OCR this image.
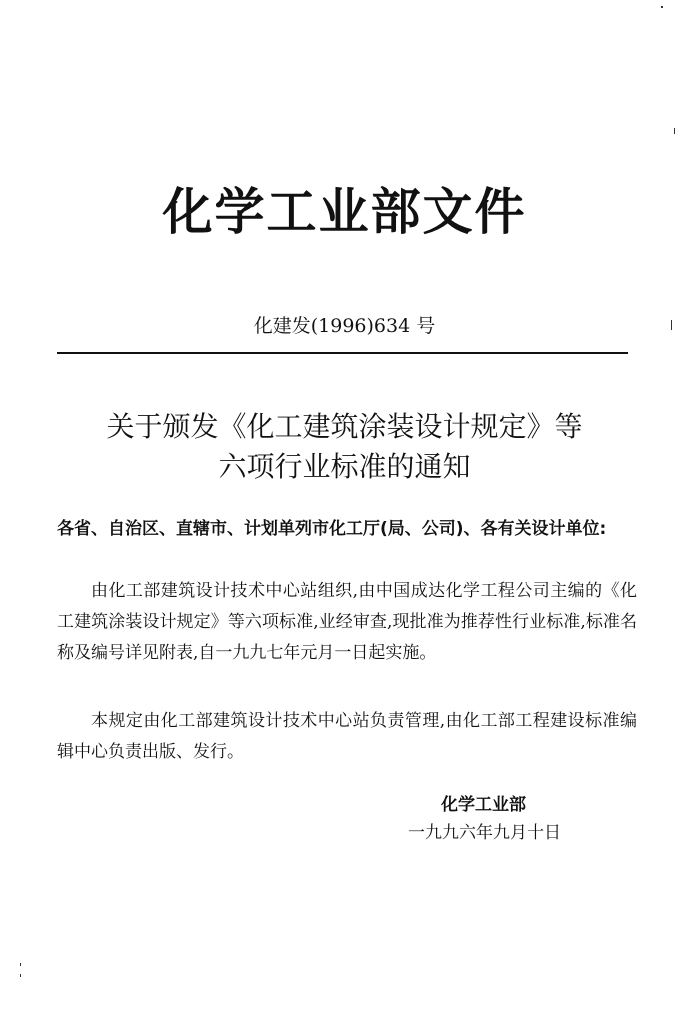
化学工业部文件
化建发(1996)634 号
关于颁发《化工建筑涂装设计规定》等
六项行业标准的通知
各省、自治区、直辖市、计划单列市化工厅(局、公司)、各有关设计单位:
由化工部建筑设计技术中心站组织,由中国成达化学工程公司主编的《化工建筑涂装设计规定》等六项标准,业经审查,现批准为推荐性行业标准,标准名称及编号详见附表,自一九九七年元月一日起实施。
本规定由化工部建筑设计技术中心站负责管理,由化工部工程建设标准编辑中心负责出版、发行。
化学工业部
一九九六年九月十日
